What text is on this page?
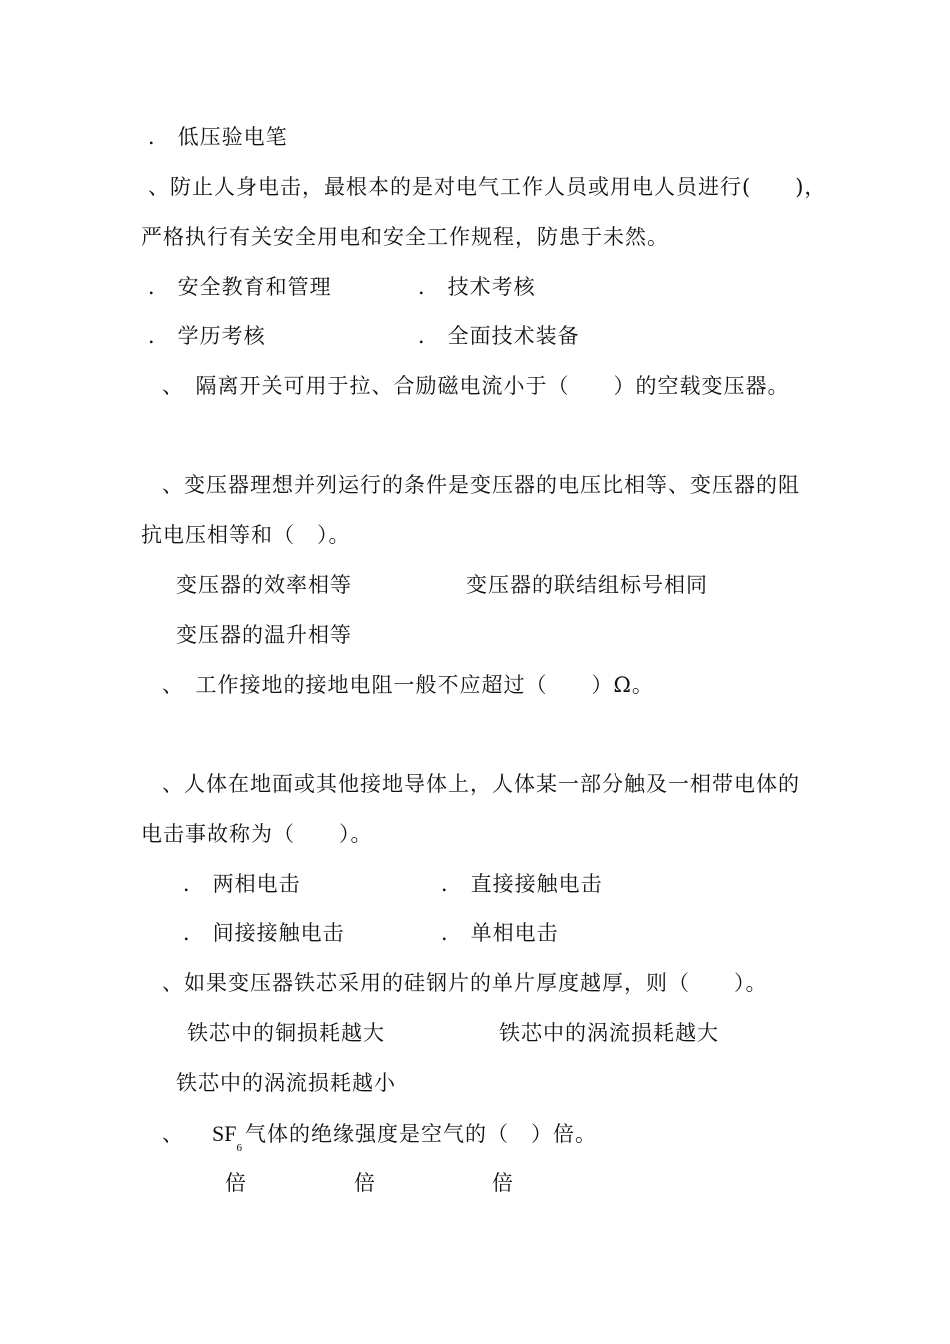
． 低压验电笔
、防止人身电击，最根本的是对电气工作人员或用电人员进行(　　)，
严格执行有关安全用电和安全工作规程，防患于未然。
． 安全教育和管理	． 技术考核
． 学历考核	． 全面技术装备
、　隔离开关可用于拉、合励磁电流小于（　　）的空载变压器。
、变压器理想并列运行的条件是变压器的电压比相等、变压器的阻
抗电压相等和（　）。
变压器的效率相等	变压器的联结组标号相同
变压器的温升相等
、　工作接地的接地电阻一般不应超过（　　）Ω。
、人体在地面或其他接地导体上，人体某一部分触及一相带电体的
电击事故称为（　　）。
． 两相电击	． 直接接触电击
． 间接接触电击	． 单相电击
、如果变压器铁芯采用的硅钢片的单片厚度越厚，则（　　）。
铁芯中的铜损耗越大	铁芯中的涡流损耗越大
铁芯中的涡流损耗越小
、 $SF_6$气体的绝缘强度是空气的（　）倍。
倍	倍	倍
